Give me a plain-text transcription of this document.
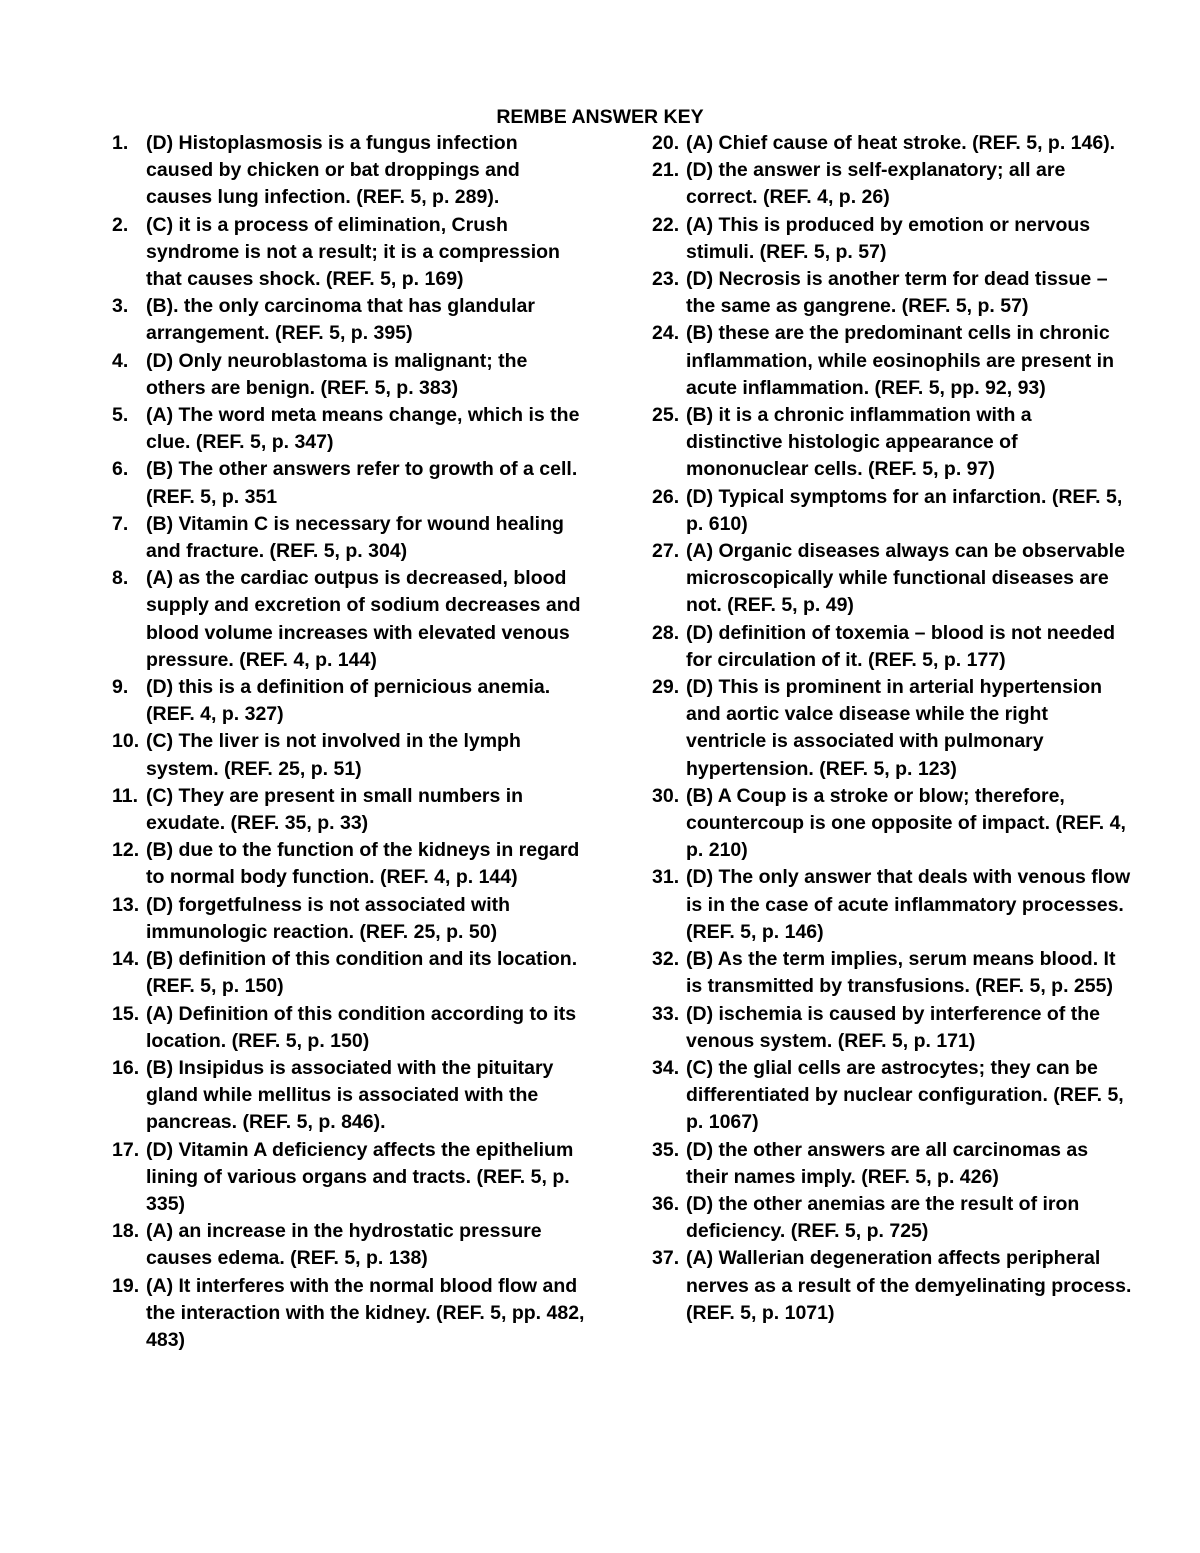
REMBE ANSWER KEY
1. (D) Histoplasmosis is a fungus infection caused by chicken or bat droppings and causes lung infection. (REF. 5, p. 289).
2. (C) it is a process of elimination, Crush syndrome is not a result; it is a compression that causes shock. (REF. 5, p. 169)
3. (B). the only carcinoma that has glandular arrangement. (REF. 5, p. 395)
4. (D) Only neuroblastoma is malignant; the others are benign. (REF. 5, p. 383)
5. (A) The word meta means change, which is the clue. (REF. 5, p. 347)
6. (B) The other answers refer to growth of a cell. (REF. 5, p. 351
7. (B) Vitamin C is necessary for wound healing and fracture. (REF. 5, p. 304)
8. (A) as the cardiac outpus is decreased, blood supply and excretion of sodium decreases and blood volume increases with elevated venous pressure. (REF. 4, p. 144)
9. (D) this is a definition of pernicious anemia. (REF. 4, p. 327)
10. (C) The liver is not involved in the lymph system. (REF. 25, p. 51)
11. (C) They are present in small numbers in exudate. (REF. 35, p. 33)
12. (B) due to the function of the kidneys in regard to normal body function. (REF. 4, p. 144)
13. (D) forgetfulness is not associated with immunologic reaction. (REF. 25, p. 50)
14. (B) definition of this condition and its location. (REF. 5, p. 150)
15. (A) Definition of this condition according to its location. (REF. 5, p. 150)
16. (B) Insipidus is associated with the pituitary gland while mellitus is associated with the pancreas. (REF. 5, p. 846).
17. (D) Vitamin A deficiency affects the epithelium lining of various organs and tracts. (REF. 5, p. 335)
18. (A) an increase in the hydrostatic pressure causes edema. (REF. 5, p. 138)
19. (A) It interferes with the normal blood flow and the interaction with the kidney. (REF. 5, pp. 482, 483)
20. (A) Chief cause of heat stroke. (REF. 5, p. 146).
21. (D) the answer is self-explanatory; all are correct. (REF. 4, p. 26)
22. (A) This is produced by emotion or nervous stimuli. (REF. 5, p. 57)
23. (D) Necrosis is another term for dead tissue – the same as gangrene. (REF. 5, p. 57)
24. (B) these are the predominant cells in chronic inflammation, while eosinophils are present in acute inflammation. (REF. 5, pp. 92, 93)
25. (B) it is a chronic inflammation with a distinctive histologic appearance of mononuclear cells. (REF. 5, p. 97)
26. (D) Typical symptoms for an infarction. (REF. 5, p. 610)
27. (A) Organic diseases always can be observable microscopically while functional diseases are not. (REF. 5, p. 49)
28. (D) definition of toxemia – blood is not needed for circulation of it. (REF. 5, p. 177)
29. (D) This is prominent in arterial hypertension and aortic valce disease while the right ventricle is associated with pulmonary hypertension. (REF. 5, p. 123)
30. (B) A Coup is a stroke or blow; therefore, countercoup is one opposite of impact. (REF. 4, p. 210)
31. (D) The only answer that deals with venous flow is in the case of acute inflammatory processes. (REF. 5, p. 146)
32. (B) As the term implies, serum means blood. It is transmitted by transfusions. (REF. 5, p. 255)
33. (D) ischemia is caused by interference of the venous system. (REF. 5, p. 171)
34. (C) the glial cells are astrocytes; they can be differentiated by nuclear configuration. (REF. 5, p. 1067)
35. (D) the other answers are all carcinomas as their names imply. (REF. 5, p. 426)
36. (D) the other anemias are the result of iron deficiency. (REF. 5, p. 725)
37. (A) Wallerian degeneration affects peripheral nerves as a result of the demyelinating process. (REF. 5, p. 1071)
